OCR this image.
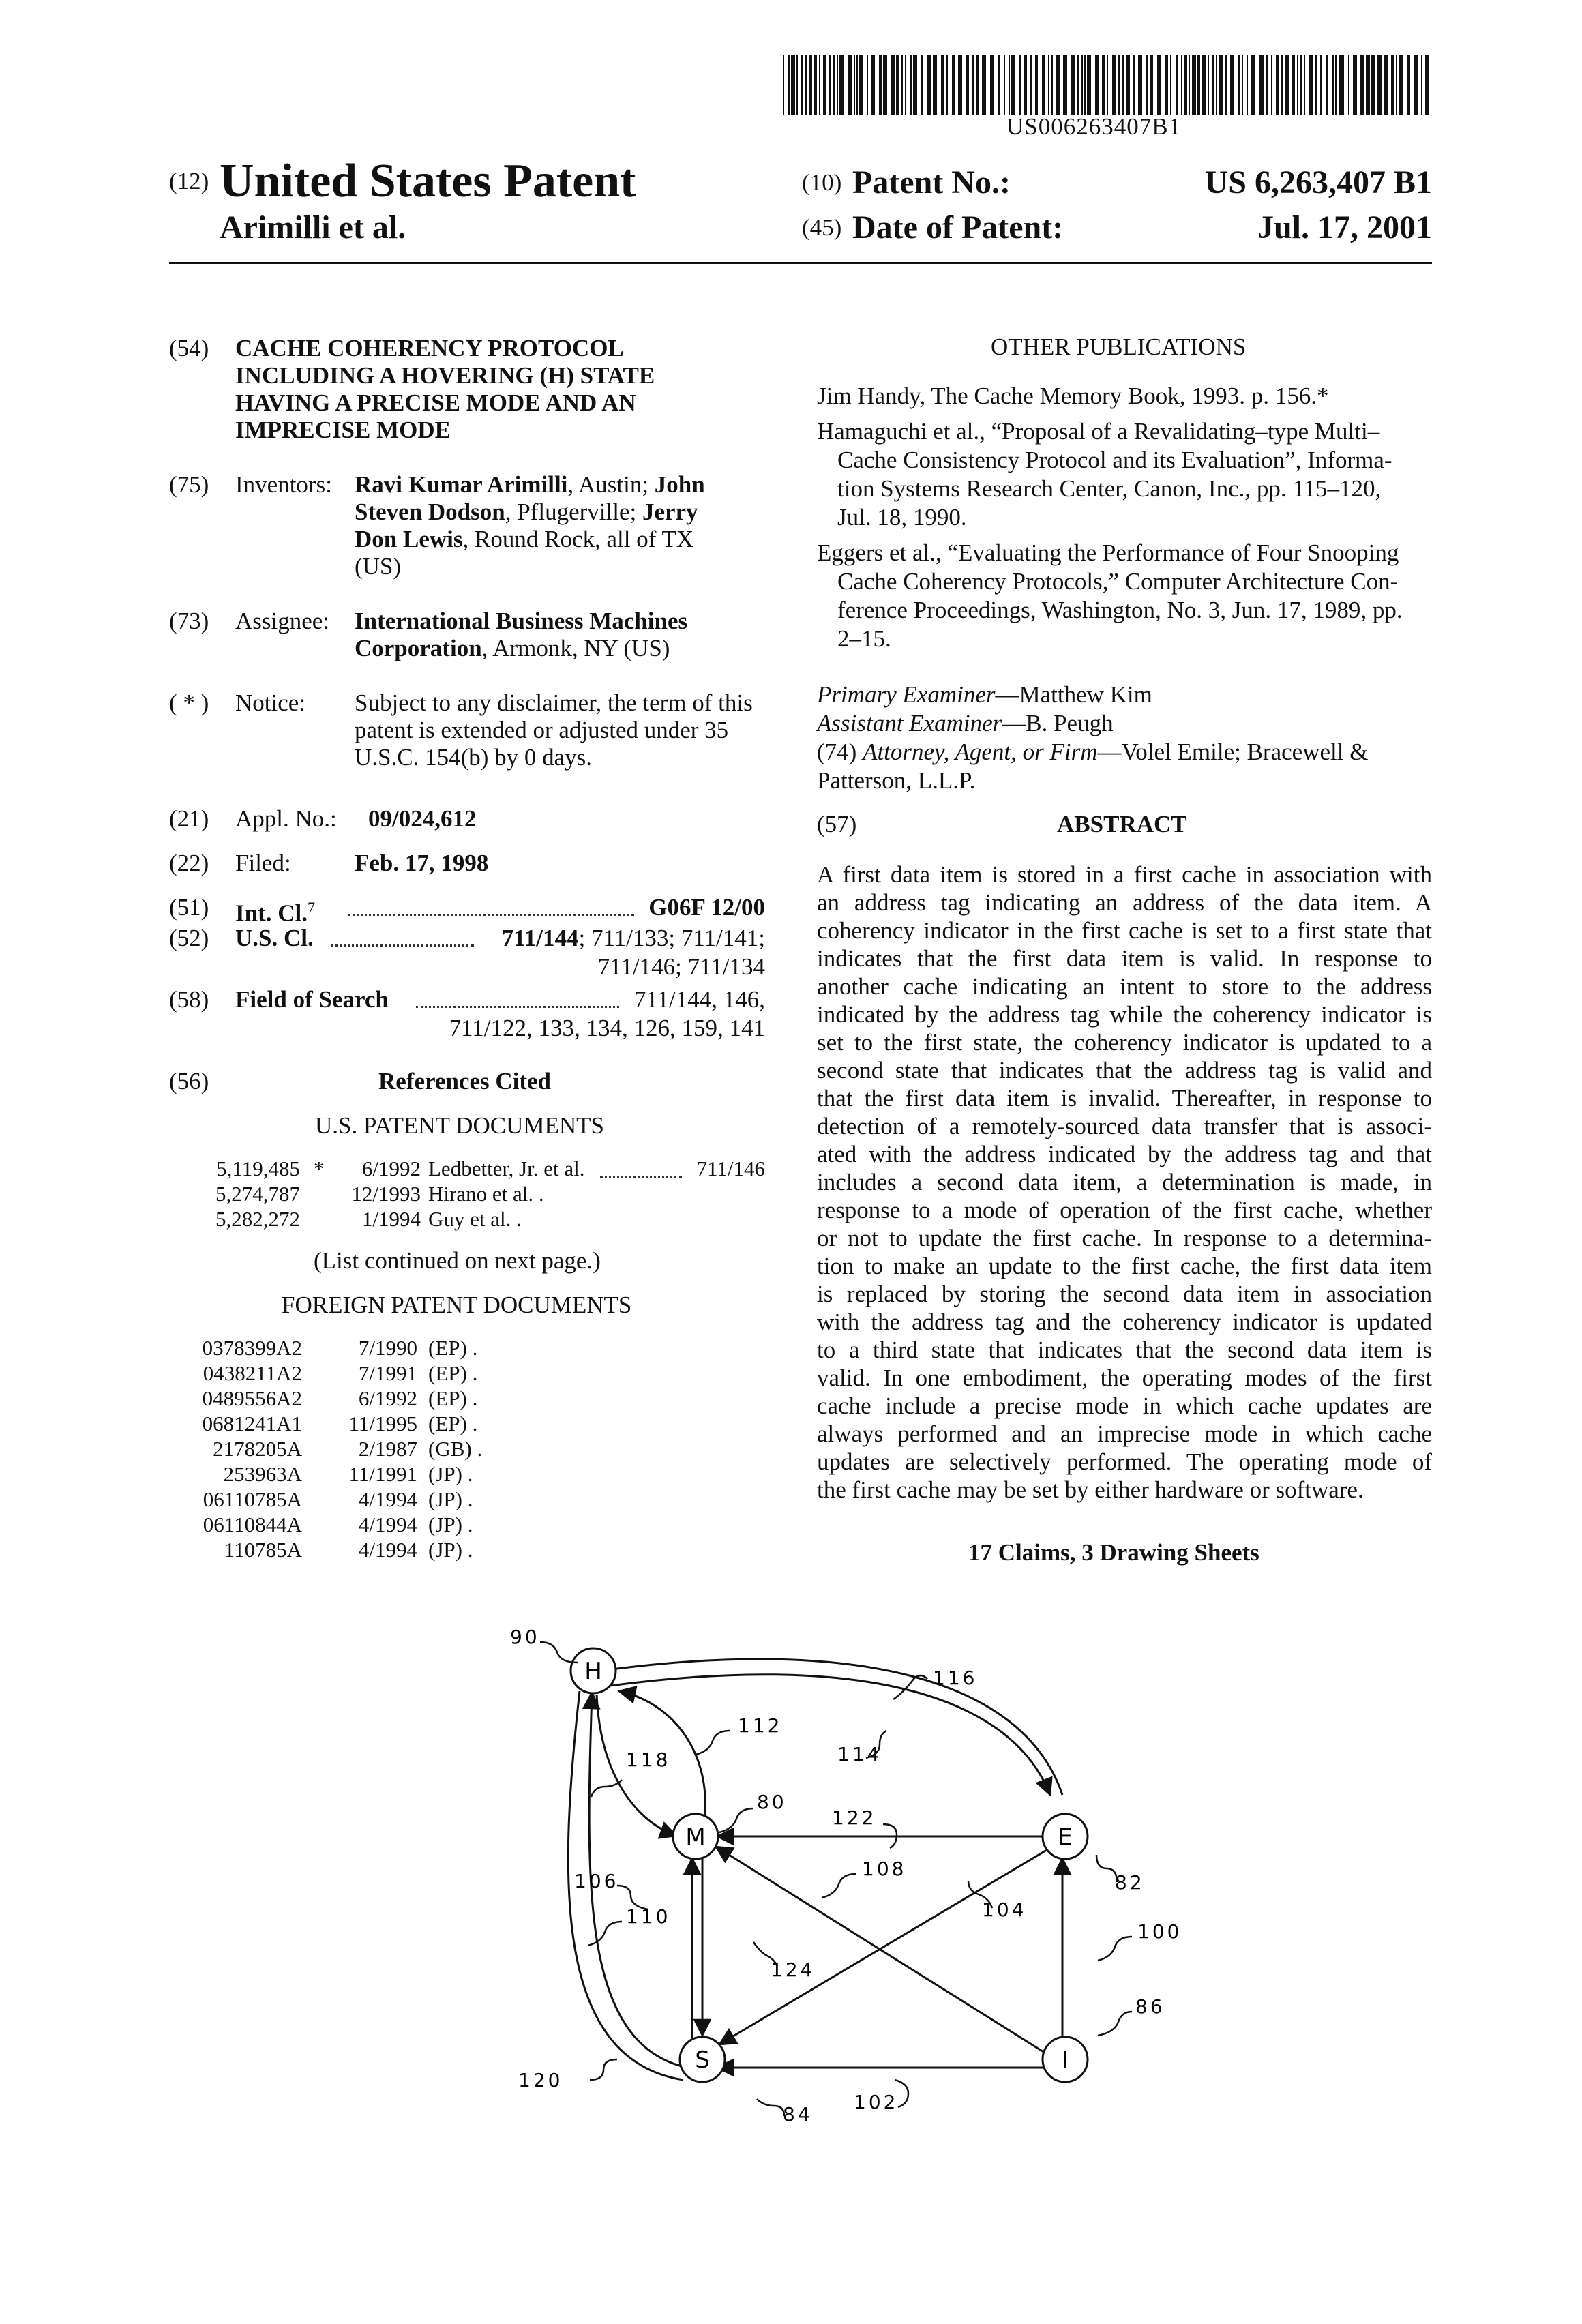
US006263407B1
(12) United States Patent
Arimilli et al.
(10) Patent No.:	US 6,263,407 B1
(45) Date of Patent:	Jul. 17, 2001
(54) CACHE COHERENCY PROTOCOL
INCLUDING A HOVERING (H) STATE
HAVING A PRECISE MODE AND AN
IMPRECISE MODE
(75) Inventors: Ravi Kumar Arimilli, Austin; John
Steven Dodson, Pflugerville; Jerry
Don Lewis, Round Rock, all of TX
(US)
(73) Assignee: International Business Machines
Corporation, Armonk, NY (US)
( * ) Notice: Subject to any disclaimer, the term of this
patent is extended or adjusted under 35
U.S.C. 154(b) by 0 days.
(21) Appl. No.: 09/024,612
(22) Filed:	Feb. 17, 1998
(51) Int. Cl.$^7$	G06F 12/00
(52) U.S. Cl.	711/144; 711/133; 711/141;
711/146; 711/134
(58) Field of Search	711/144, 146,
711/122, 133, 134, 126, 159, 141
(56)	References Cited
U.S. PATENT DOCUMENTS
5,119,485 * 6/1992 Ledbetter, Jr. et al.	711/146
5,274,787 12/1993 Hirano et al. .
5,282,272	1/1994 Guy et al. .
(List continued on next page.)
FOREIGN PATENT DOCUMENTS
0378399A2	7/1990 (EP) .
0438211A2	7/1991 (EP) .
0489556A2	6/1992 (EP) .
0681241A1 11/1995 (EP) .
2178205A	2/1987 (GB) .
253963A 11/1991 (JP) .
06110785A	4/1994 (JP) .
06110844A	4/1994 (JP) .
110785A	4/1994 (JP) .
OTHER PUBLICATIONS
Jim Handy, The Cache Memory Book, 1993. p. 156.*
Hamaguchi et al., “Proposal of a Revalidating–type Multi–
Cache Consistency Protocol and its Evaluation”, Informa-
tion Systems Research Center, Canon, Inc., pp. 115–120,
Jul. 18, 1990.
Eggers et al., “Evaluating the Performance of Four Snooping
Cache Coherency Protocols,” Computer Architecture Con-
ference Proceedings, Washington, No. 3, Jun. 17, 1989, pp.
2–15.
Primary Examiner—Matthew Kim
Assistant Examiner—B. Peugh
(74) Attorney, Agent, or Firm—Volel Emile; Bracewell &
Patterson, L.L.P.
(57)	ABSTRACT
A first data item is stored in a first cache in association with
an address tag indicating an address of the data item. A
coherency indicator in the first cache is set to a first state that
indicates that the first data item is valid. In response to
another cache indicating an intent to store to the address
indicated by the address tag while the coherency indicator is
set to the first state, the coherency indicator is updated to a
second state that indicates that the address tag is valid and
that the first data item is invalid. Thereafter, in response to
detection of a remotely-sourced data transfer that is associ-
ated with the address indicated by the address tag and that
includes a second data item, a determination is made, in
response to a mode of operation of the first cache, whether
or not to update the first cache. In response to a determina-
tion to make an update to the first cache, the first data item
is replaced by storing the second data item in association
with the address tag and the coherency indicator is updated
to a third state that indicates that the second data item is
valid. In one embodiment, the operating modes of the first
cache include a precise mode in which cache updates are
always performed and an imprecise mode in which cache
updates are selectively performed. The operating mode of
the first cache may be set by either hardware or software.
17 Claims, 3 Drawing Sheets
H
M	E
S	I
90
116
112
114
118
80
122
106
108
82
110	104
100
124
86
120
84
102
